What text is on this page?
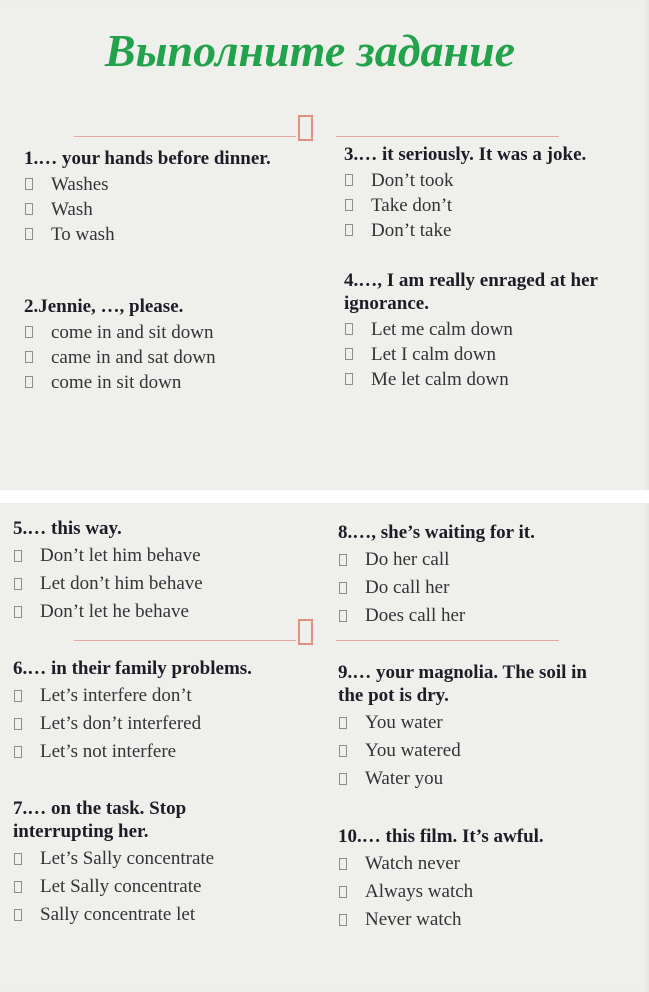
Выполните задание

1.… your hands before dinner.

Washes
Wash
To wash

2.Jennie, …, please.

come in and sit down
came in and sat down
come in sit down

3.… it seriously. It was a joke.

Don’t took
Take don’t
Don’t take

4.…, I am really enraged at her ignorance.

Let me calm down
Let I calm down
Me let calm down

5.… this way.

Don’t let him behave
Let don’t him behave
Don’t let he behave

6.… in their family problems.

Let’s interfere don’t
Let’s don’t interfered
Let’s not interfere

7.… on the task. Stop interrupting her.

Let’s Sally concentrate
Let Sally concentrate
Sally concentrate let

8.…, she’s waiting for it.

Do her call
Do call her
Does call her

9.… your magnolia. The soil in the pot is dry.

You water
You watered
Water you

10.… this film. It’s awful.

Watch never
Always watch
Never watch
